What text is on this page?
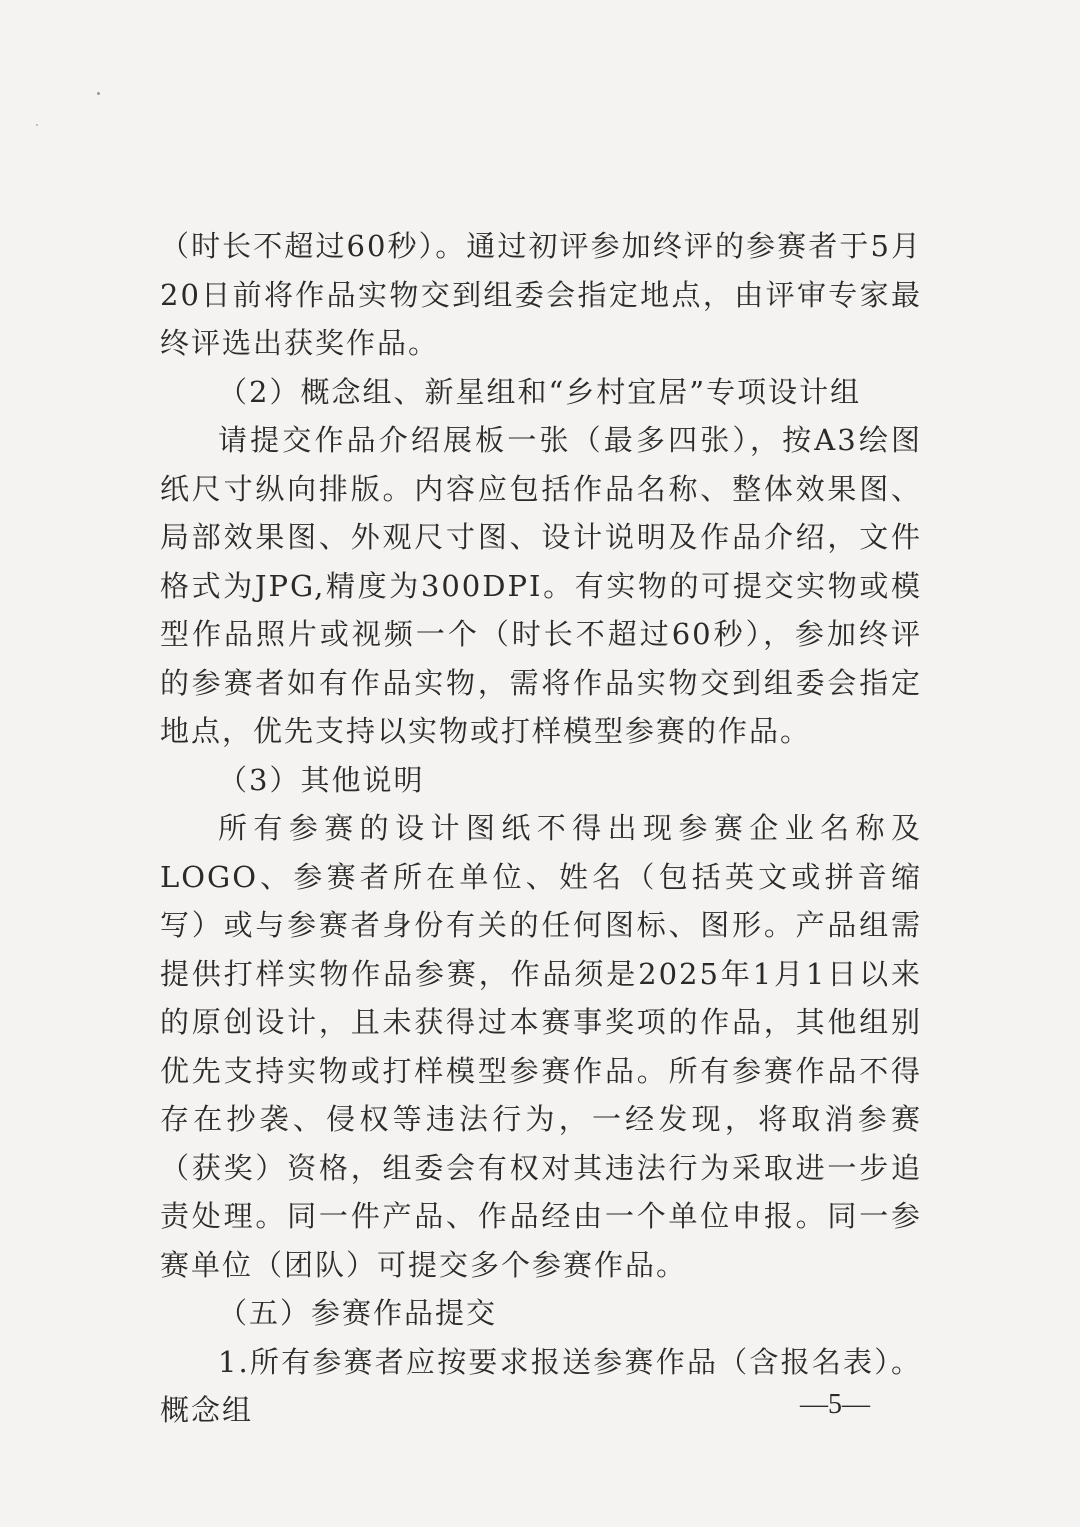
（时长不超过60秒）。通过初评参加终评的参赛者于5月20日前将作品实物交到组委会指定地点，由评审专家最终评选出获奖作品。

（2）概念组、新星组和“乡村宜居”专项设计组

请提交作品介绍展板一张（最多四张），按A3绘图纸尺寸纵向排版。内容应包括作品名称、整体效果图、局部效果图、外观尺寸图、设计说明及作品介绍，文件格式为JPG,精度为300DPI。有实物的可提交实物或模型作品照片或视频一个（时长不超过60秒），参加终评的参赛者如有作品实物，需将作品实物交到组委会指定地点，优先支持以实物或打样模型参赛的作品。

（3）其他说明

所有参赛的设计图纸不得出现参赛企业名称及LOGO、参赛者所在单位、姓名（包括英文或拼音缩写）或与参赛者身份有关的任何图标、图形。产品组需提供打样实物作品参赛，作品须是2025年1月1日以来的原创设计，且未获得过本赛事奖项的作品，其他组别优先支持实物或打样模型参赛作品。所有参赛作品不得存在抄袭、侵权等违法行为，一经发现，将取消参赛（获奖）资格，组委会有权对其违法行为采取进一步追责处理。同一件产品、作品经由一个单位申报。同一参赛单位（团队）可提交多个参赛作品。

（五）参赛作品提交

1.所有参赛者应按要求报送参赛作品（含报名表）。概念组	—5—
